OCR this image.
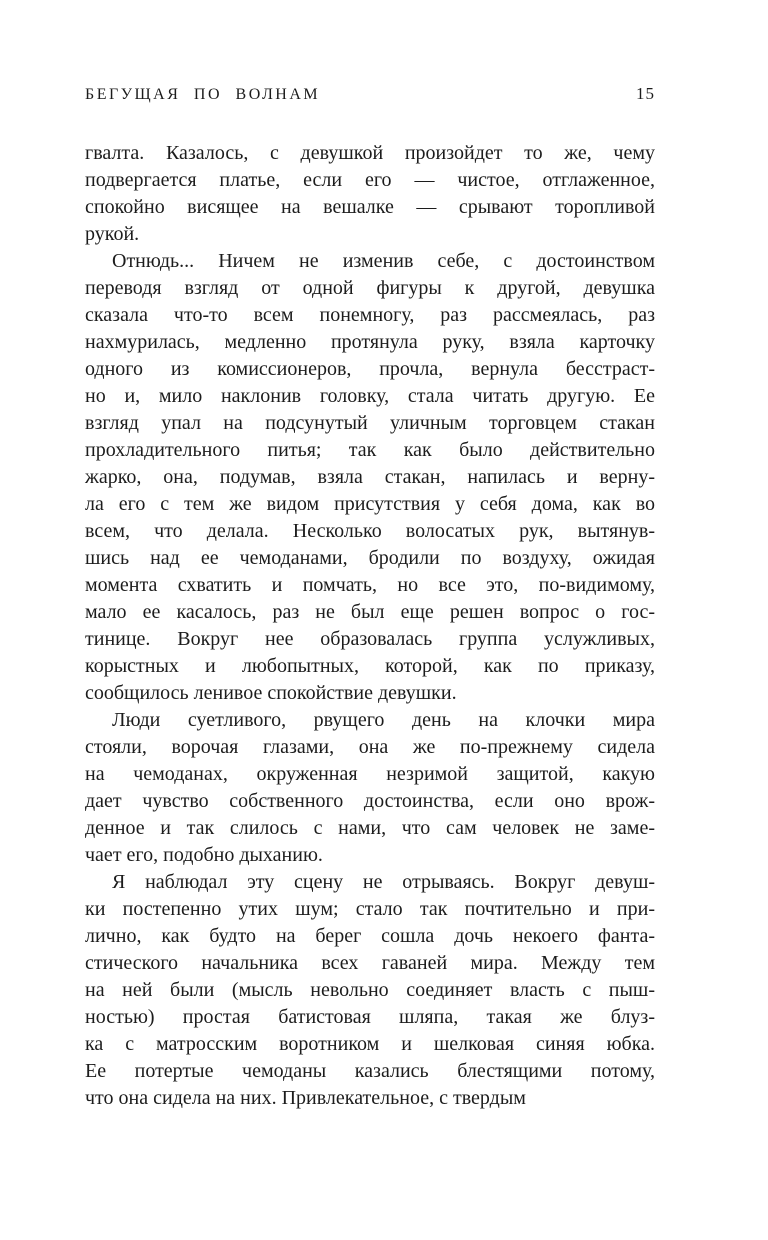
БЕГУЩАЯ ПО ВОЛНАМ	15
гвалта. Казалось, с девушкой произойдет то же, чему
подвергается платье, если его — чистое, отглаженное,
спокойно висящее на вешалке — срывают торопливой
рукой.
Отнюдь... Ничем не изменив себе, с достоинством
переводя взгляд от одной фигуры к другой, девушка
сказала что-то всем понемногу, раз рассмеялась, раз
нахмурилась, медленно протянула руку, взяла карточку
одного из комиссионеров, прочла, вернула бесстраст-
но и, мило наклонив головку, стала читать другую. Ее
взгляд упал на подсунутый уличным торговцем стакан
прохладительного питья; так как было действительно
жарко, она, подумав, взяла стакан, напилась и верну-
ла его с тем же видом присутствия у себя дома, как во
всем, что делала. Несколько волосатых рук, вытянув-
шись над ее чемоданами, бродили по воздуху, ожидая
момента схватить и помчать, но все это, по-видимому,
мало ее касалось, раз не был еще решен вопрос о гос-
тинице. Вокруг нее образовалась группа услужливых,
корыстных и любопытных, которой, как по приказу,
сообщилось ленивое спокойствие девушки.
Люди суетливого, рвущего день на клочки мира
стояли, ворочая глазами, она же по-прежнему сидела
на чемоданах, окруженная незримой защитой, какую
дает чувство собственного достоинства, если оно врож-
денное и так слилось с нами, что сам человек не заме-
чает его, подобно дыханию.
Я наблюдал эту сцену не отрываясь. Вокруг девуш-
ки постепенно утих шум; стало так почтительно и при-
лично, как будто на берег сошла дочь некоего фанта-
стического начальника всех гаваней мира. Между тем
на ней были (мысль невольно соединяет власть с пыш-
ностью) простая батистовая шляпа, такая же блуз-
ка с матросским воротником и шелковая синяя юбка.
Ее потертые чемоданы казались блестящими потому,
что она сидела на них. Привлекательное, с твердым
